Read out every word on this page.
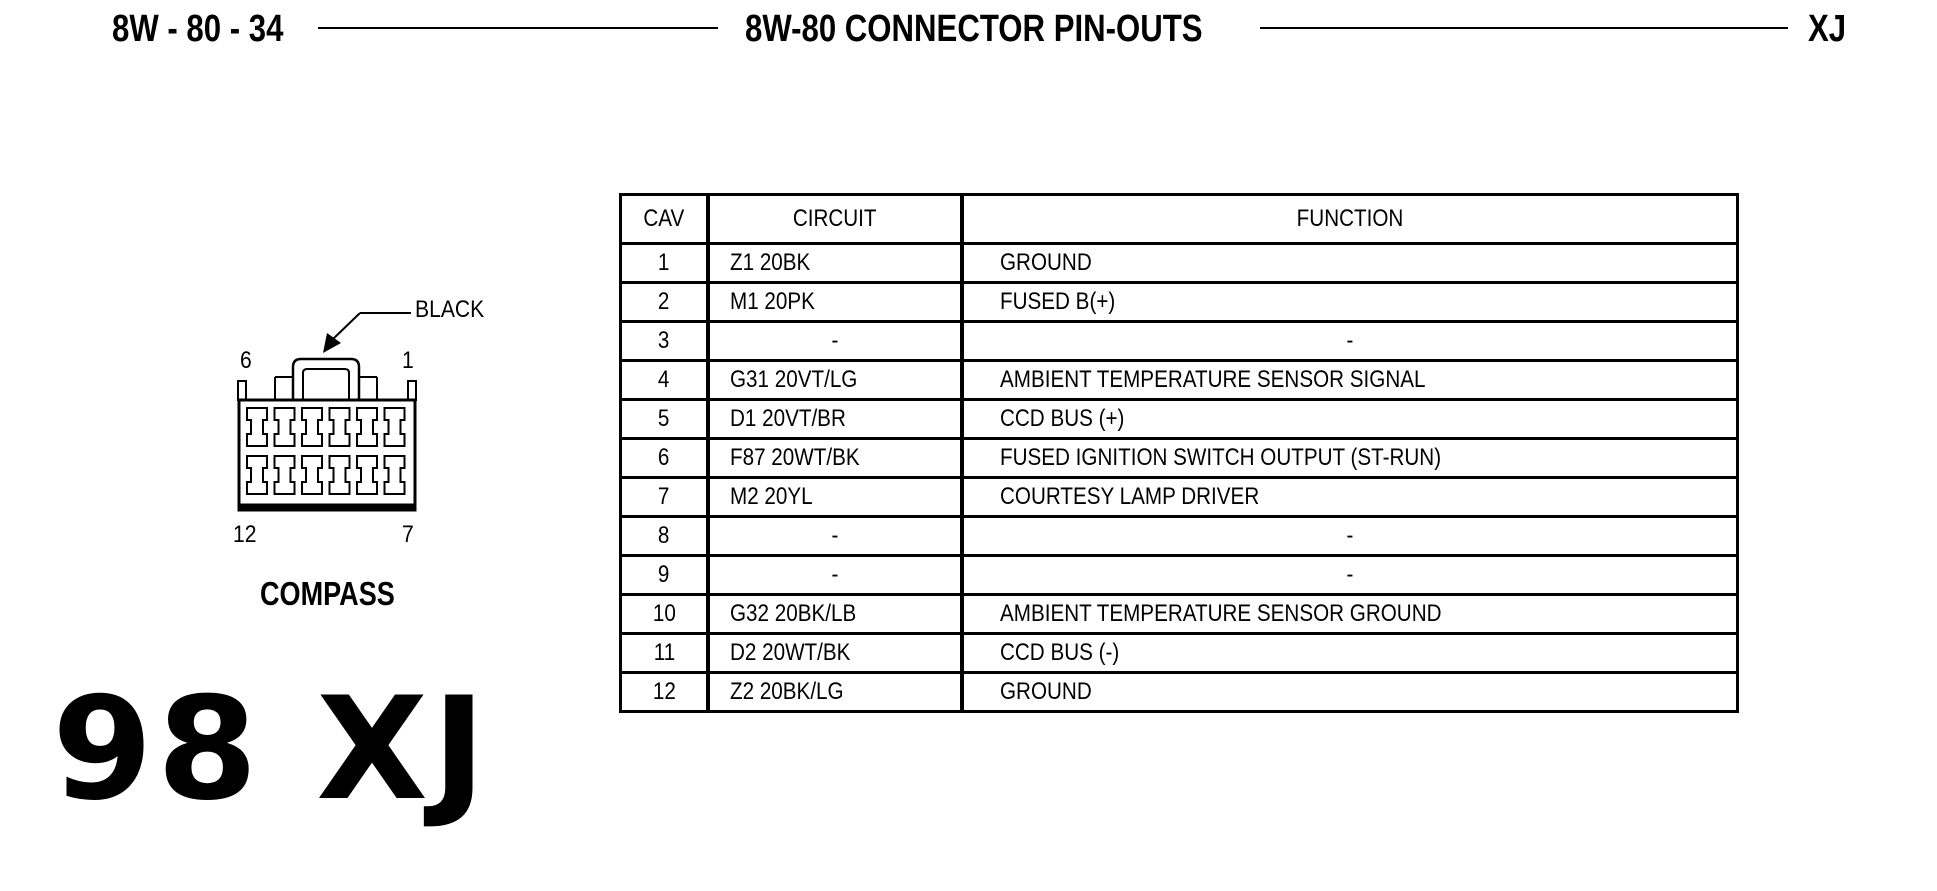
8W - 80 - 34	8W-80 CONNECTOR PIN-OUTS	XJ
BLACK
6	1
12	7
COMPASS
98 XJ
CAV	CIRCUIT	FUNCTION
1	Z1 20BK	GROUND
2	M1 20PK	FUSED B(+)
3	-	-
4	G31 20VT/LG	AMBIENT TEMPERATURE SENSOR SIGNAL
5	D1 20VT/BR	CCD BUS (+)
6	F87 20WT/BK	FUSED IGNITION SWITCH OUTPUT (ST-RUN)
7	M2 20YL	COURTESY LAMP DRIVER
8	-	-
9	-	-
10	G32 20BK/LB	AMBIENT TEMPERATURE SENSOR GROUND
11	D2 20WT/BK	CCD BUS (-)
12	Z2 20BK/LG	GROUND
